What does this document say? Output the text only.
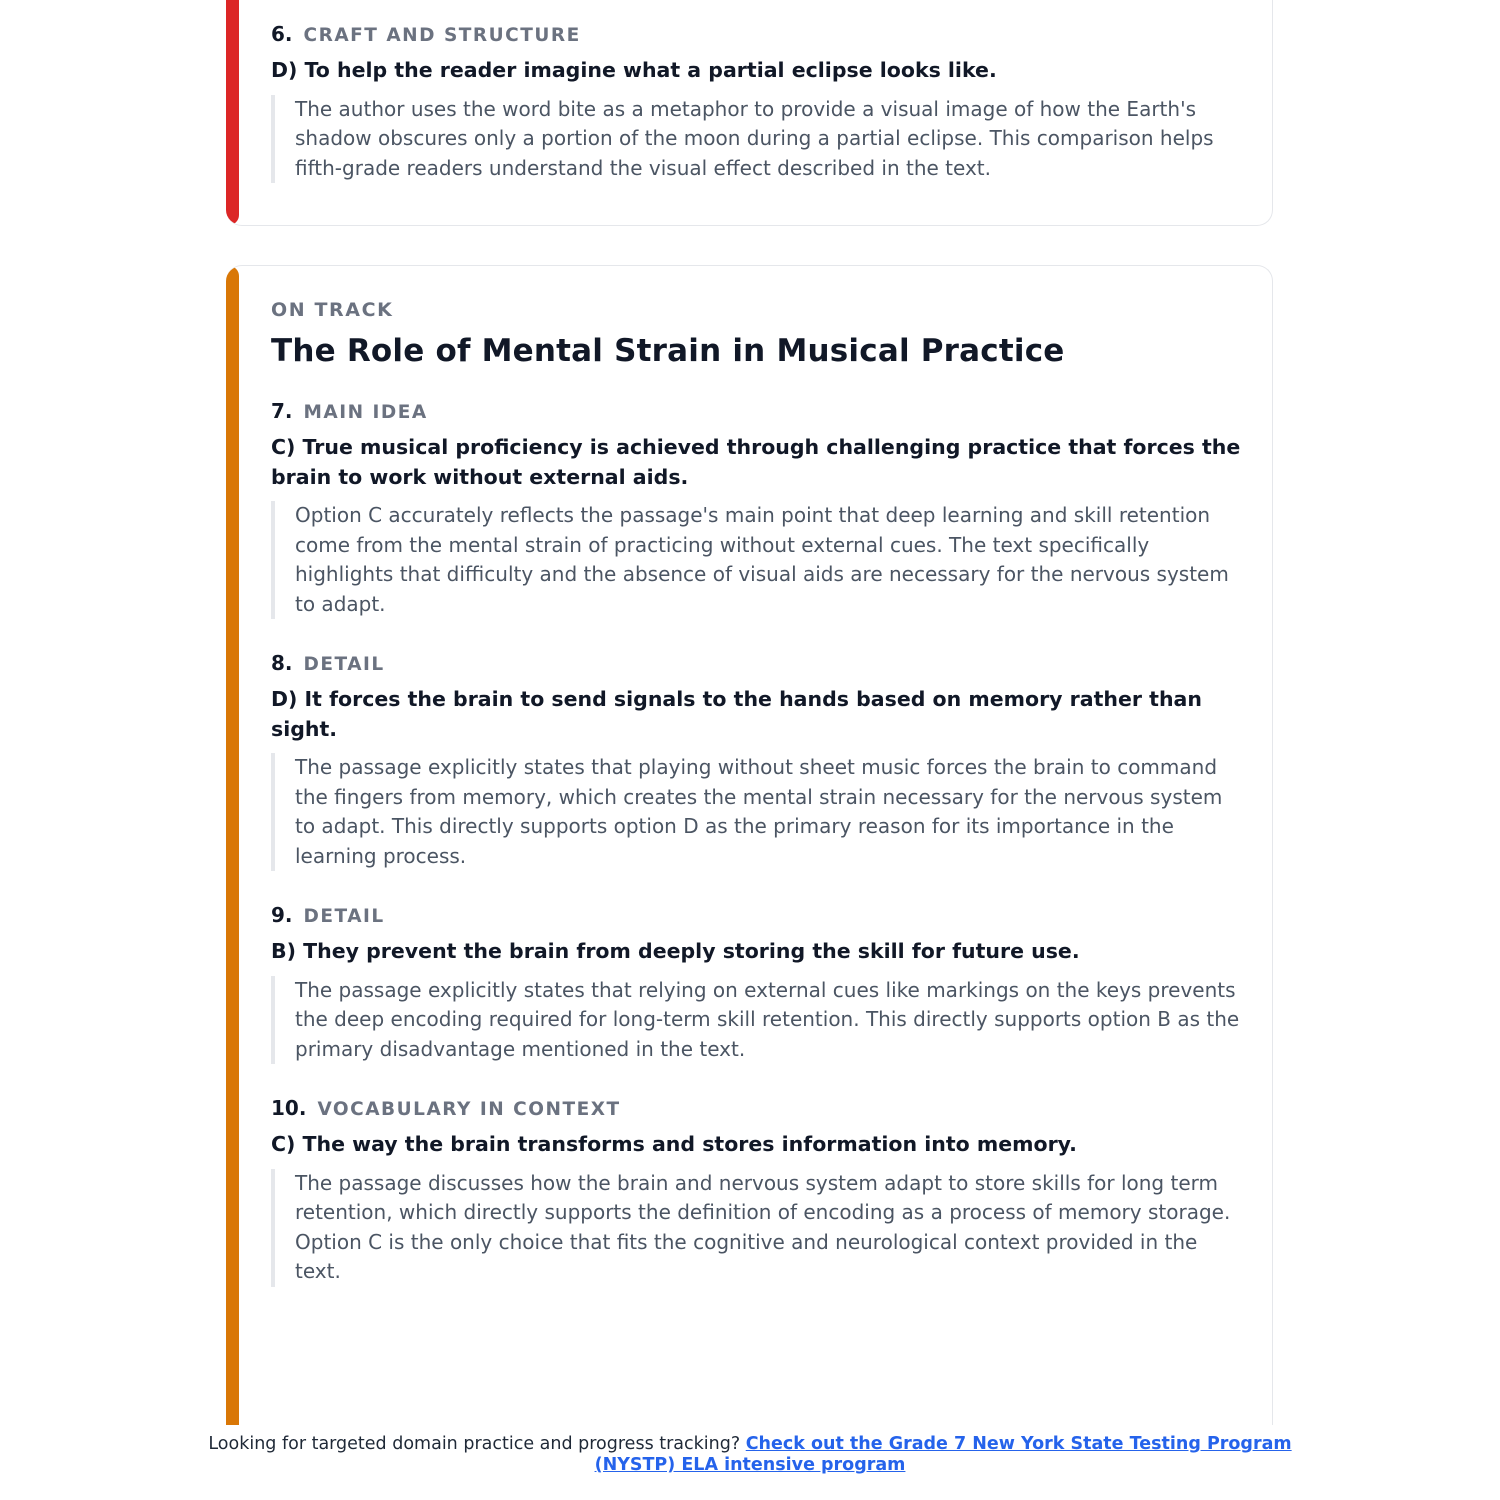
6. CRAFT AND STRUCTURE

D) To help the reader imagine what a partial eclipse looks like.

The author uses the word bite as a metaphor to provide a visual image of how the Earth's shadow obscures only a portion of the moon during a partial eclipse. This comparison helps fifth-grade readers understand the visual effect described in the text.

ON TRACK

The Role of Mental Strain in Musical Practice
7. MAIN IDEA

C) True musical proficiency is achieved through challenging practice that forces the brain to work without external aids.

Option C accurately reflects the passage's main point that deep learning and skill retention come from the mental strain of practicing without external cues. The text specifically highlights that difficulty and the absence of visual aids are necessary for the nervous system to adapt.

8. DETAIL

D) It forces the brain to send signals to the hands based on memory rather than sight.

The passage explicitly states that playing without sheet music forces the brain to command the fingers from memory, which creates the mental strain necessary for the nervous system to adapt. This directly supports option D as the primary reason for its importance in the learning process.

9. DETAIL

B) They prevent the brain from deeply storing the skill for future use.

The passage explicitly states that relying on external cues like markings on the keys prevents the deep encoding required for long-term skill retention. This directly supports option B as the primary disadvantage mentioned in the text.

10. VOCABULARY IN CONTEXT

C) The way the brain transforms and stores information into memory.

The passage discusses how the brain and nervous system adapt to store skills for long term retention, which directly supports the definition of encoding as a process of memory storage. Option C is the only choice that fits the cognitive and neurological context provided in the text.

Looking for targeted domain practice and progress tracking? Check out the Grade 7 New York State Testing Program (NYSTP) ELA intensive program
